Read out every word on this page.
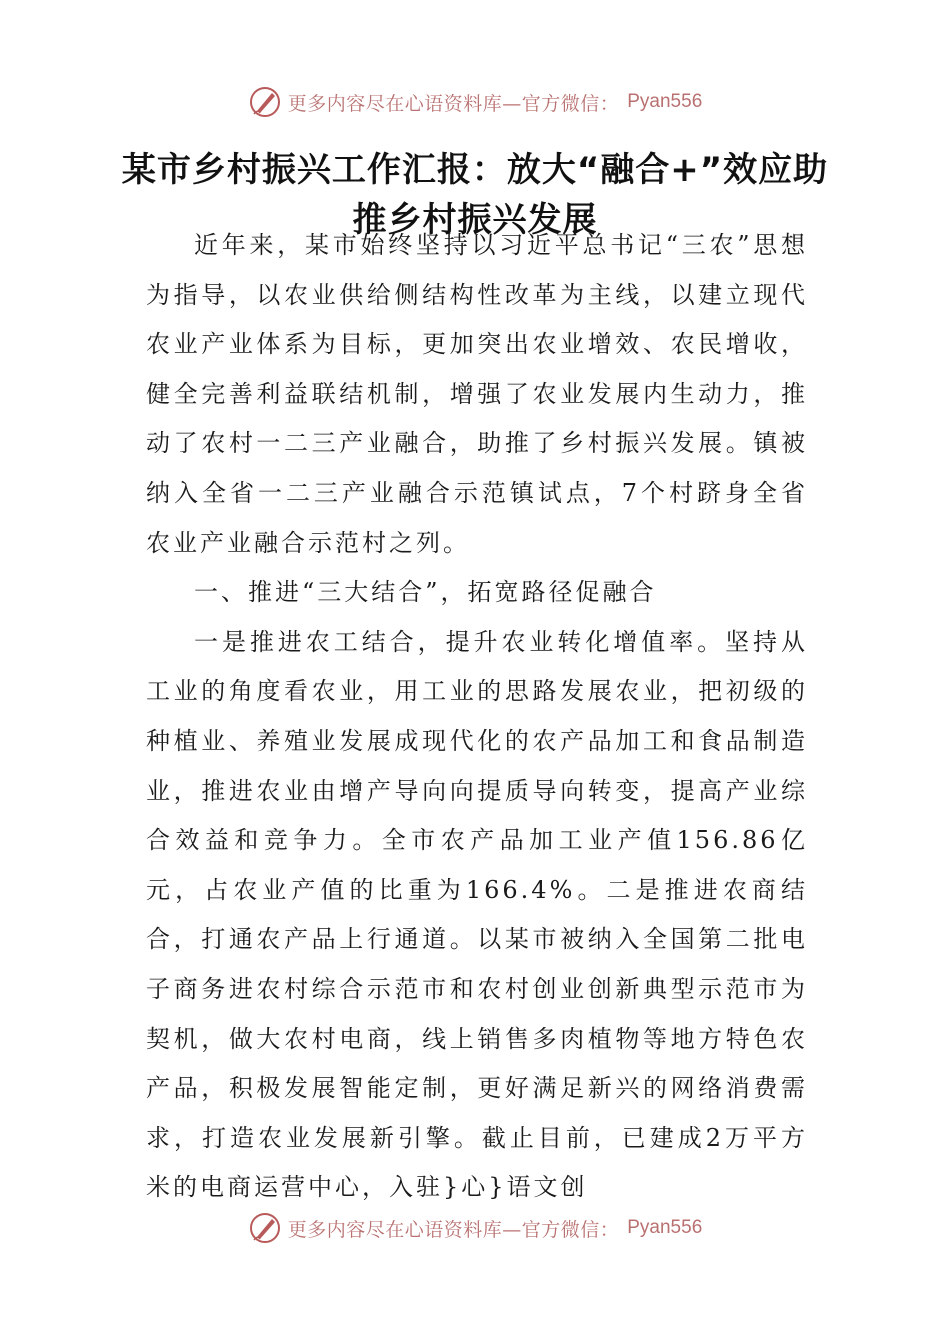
更多内容尽在心语资料库—官方微信： Pyan556
某市乡村振兴工作汇报：放大“融合+”效应助推乡村振兴发展

近年来，某市始终坚持以习近平总书记“三农”思想为指导，以农业供给侧结构性改革为主线，以建立现代农业产业体系为目标，更加突出农业增效、农民增收，健全完善利益联结机制，增强了农业发展内生动力，推动了农村一二三产业融合，助推了乡村振兴发展。镇被纳入全省一二三产业融合示范镇试点，7个村跻身全省农业产业融合示范村之列。

一、推进“三大结合”，拓宽路径促融合

一是推进农工结合，提升农业转化增值率。坚持从工业的角度看农业，用工业的思路发展农业，把初级的种植业、养殖业发展成现代化的农产品加工和食品制造业，推进农业由增产导向向提质导向转变，提高产业综合效益和竞争力。全市农产品加工业产值156.86亿元，占农业产值的比重为166.4%。二是推进农商结合，打通农产品上行通道。以某市被纳入全国第二批电子商务进农村综合示范市和农村创业创新典型示范市为契机，做大农村电商，线上销售多肉植物等地方特色农产品，积极发展智能定制，更好满足新兴的网络消费需求，打造农业发展新引擎。截止目前，已建成2万平方米的电商运营中心，入驻}心}语文创

更多内容尽在心语资料库—官方微信： Pyan556
